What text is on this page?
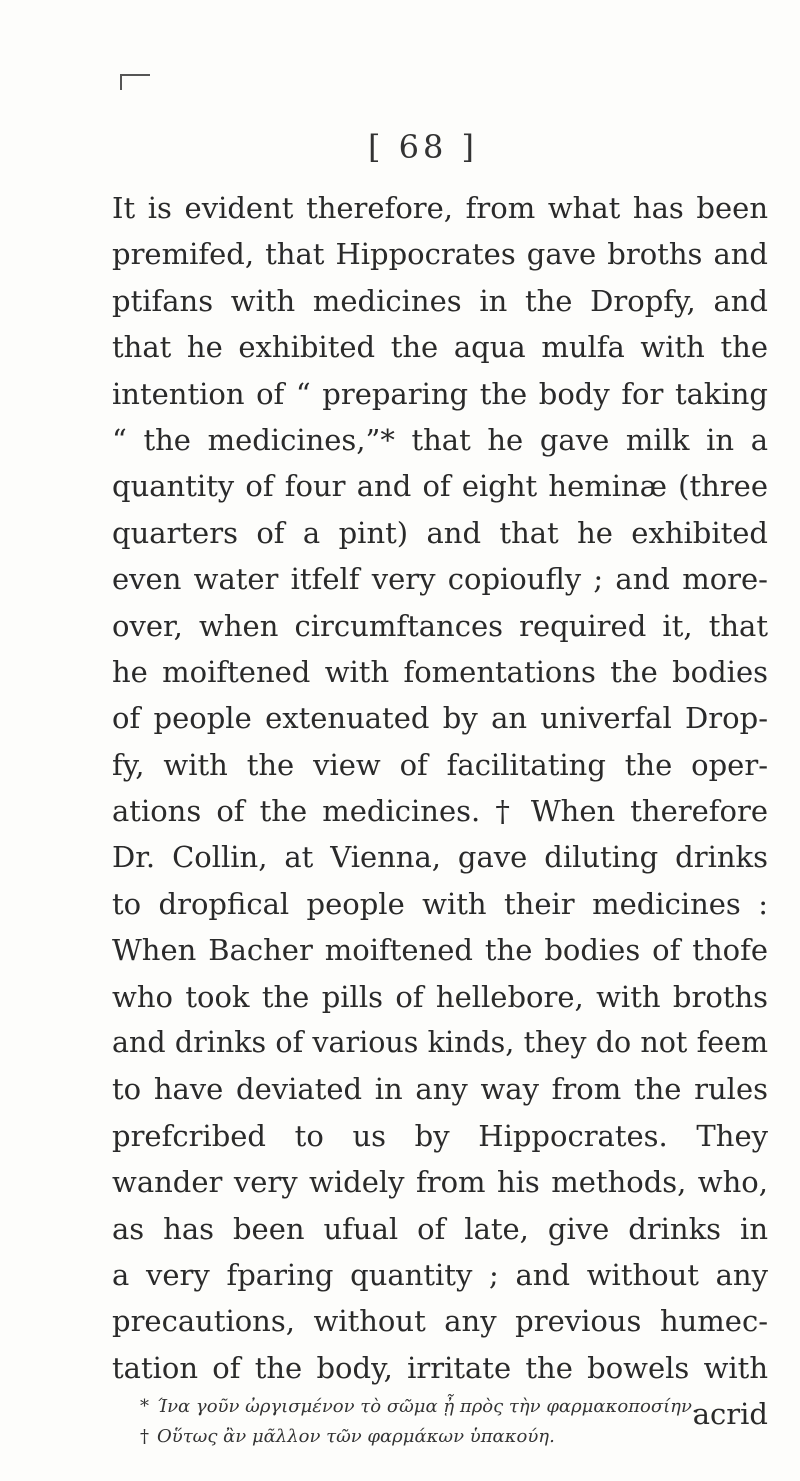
[ 68 ]
It is evident therefore, from what has been
premifed, that Hippocrates gave broths and
ptifans with medicines in the Dropfy, and
that he exhibited the aqua mulfa with the
intention of “ preparing the body for taking
“ the medicines,”* that he gave milk in a
quantity of four and of eight heminæ (three
quarters of a pint) and that he exhibited
even water itfelf very copioufly ; and more-
over, when circumftances required it, that
he moiftened with fomentations the bodies
of people extenuated by an univerfal Drop-
fy, with the view of facilitating the oper-
ations of the medicines. † When therefore
Dr. Collin, at Vienna, gave diluting drinks
to dropfical people with their medicines :
When Bacher moiftened the bodies of thofe
who took the pills of hellebore, with broths
and drinks of various kinds, they do not feem
to have deviated in any way from the rules
prefcribed to us by Hippocrates. They
wander very widely from his methods, who,
as has been ufual of late, give drinks in
a very fparing quantity ; and without any
precautions, without any previous humec-
tation of the body, irritate the bowels with
acrid
* Ίνα γοῦν ὠργισμένον τὸ σῶμα ᾖ πρὸς τὴν φαρμακοποσίην.
† Οὕτως ἂν μᾶλλον τῶν φαρμάκων ὑπακούη.
